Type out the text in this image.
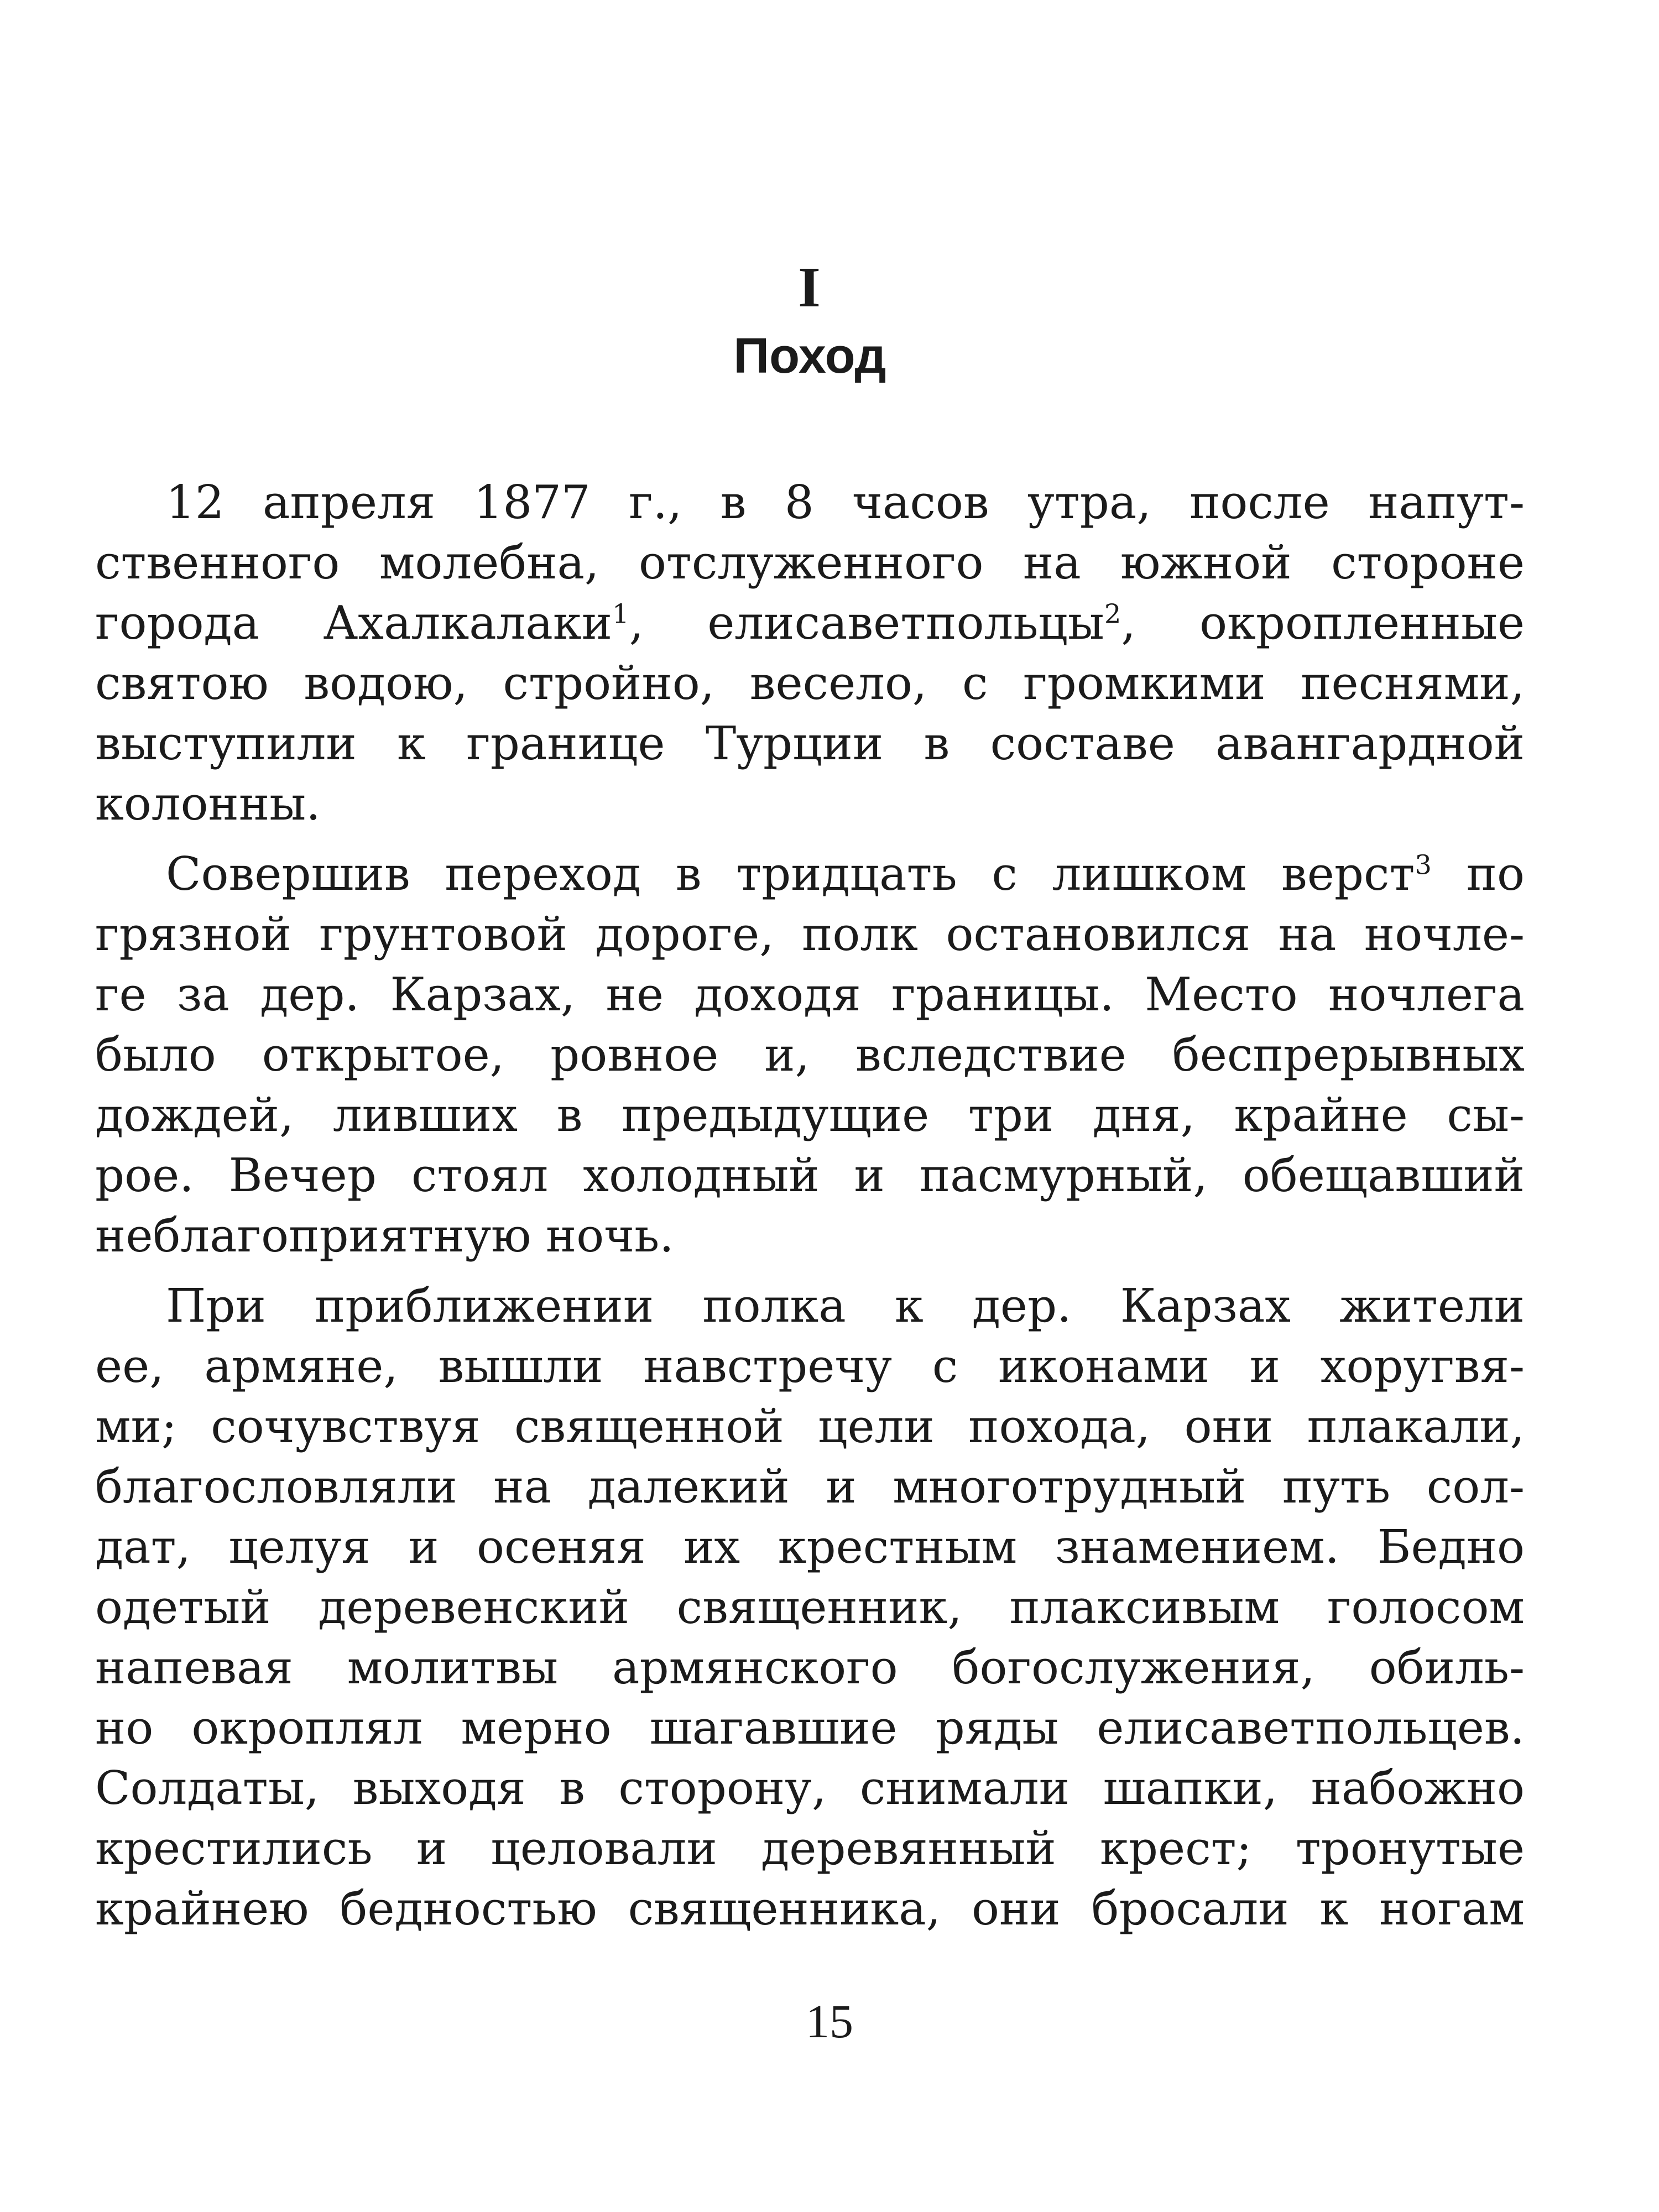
I
Поход
12 апреля 1877 г., в 8 часов утра, после напут-
ственного молебна, отслуженного на южной стороне
города Ахалкалаки$^1$, елисаветпольцы$^2$, окропленные
святою водою, стройно, весело, с громкими песнями,
выступили к границе Турции в составе авангардной
колонны.
Совершив переход в тридцать с лишком верст$^3$ по
грязной грунтовой дороге, полк остановился на ночле-
ге за дер. Карзах, не доходя границы. Место ночлега
было открытое, ровное и, вследствие беспрерывных
дождей, ливших в предыдущие три дня, крайне сы-
рое. Вечер стоял холодный и пасмурный, обещавший
неблагоприятную ночь.
При приближении полка к дер. Карзах жители
ее, армяне, вышли навстречу с иконами и хоругвя-
ми; сочувствуя священной цели похода, они плакали,
благословляли на далекий и многотрудный путь сол-
дат, целуя и осеняя их крестным знамением. Бедно
одетый деревенский священник, плаксивым голосом
напевая молитвы армянского богослужения, обиль-
но окроплял мерно шагавшие ряды елисаветпольцев.
Солдаты, выходя в сторону, снимали шапки, набожно
крестились и целовали деревянный крест; тронутые
крайнею бедностью священника, они бросали к ногам
15
